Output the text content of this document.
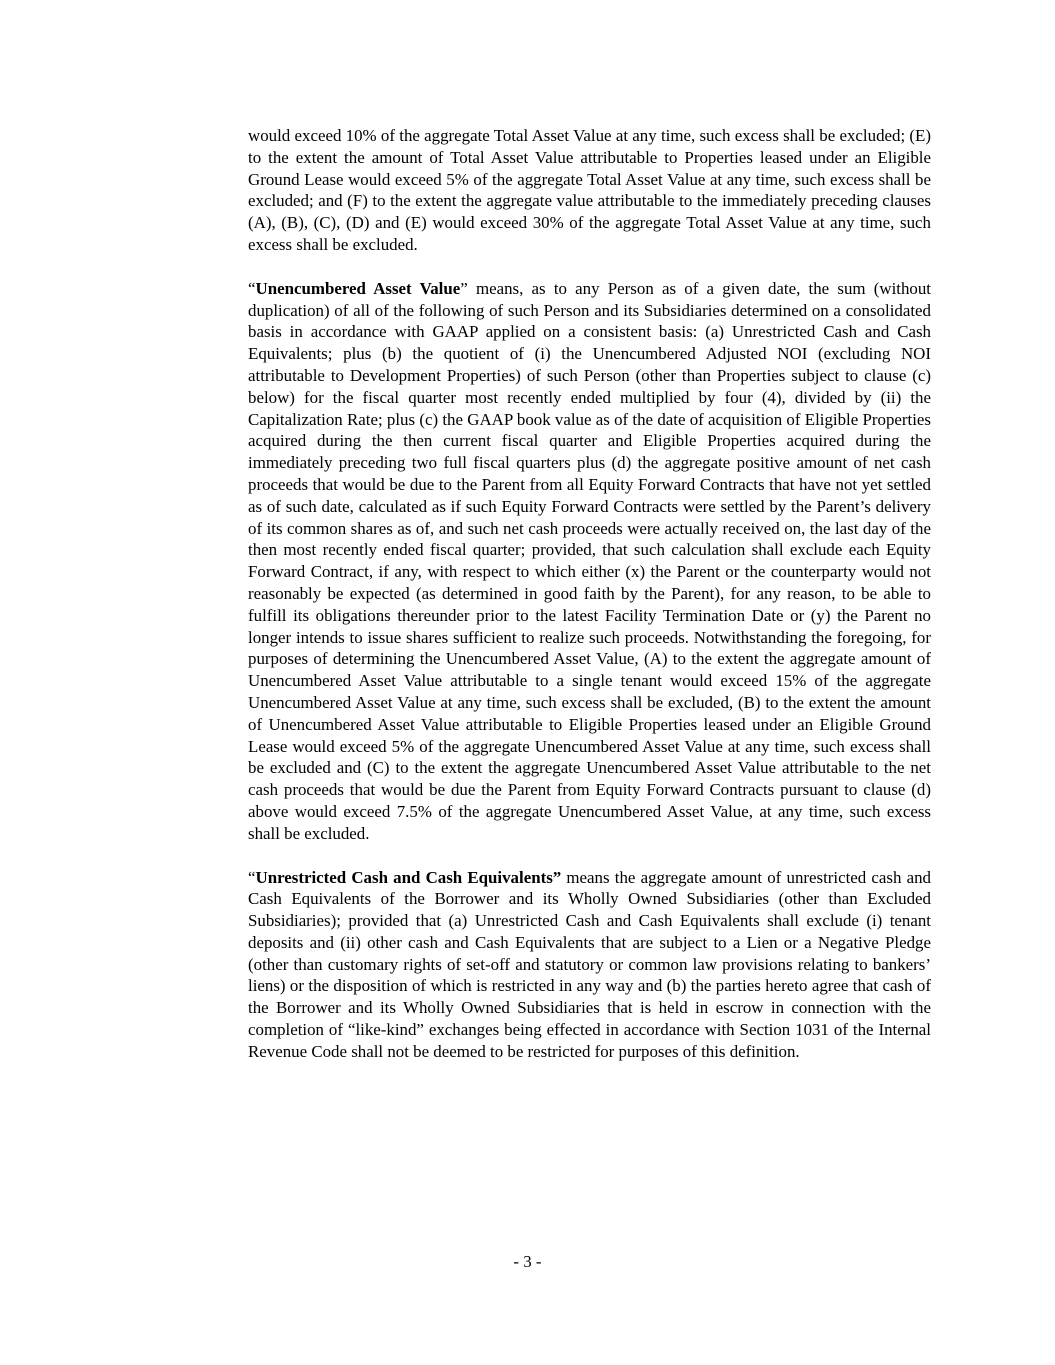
would exceed 10% of the aggregate Total Asset Value at any time, such excess shall be excluded; (E) to the extent the amount of Total Asset Value attributable to Properties leased under an Eligible Ground Lease would exceed 5% of the aggregate Total Asset Value at any time, such excess shall be excluded; and (F) to the extent the aggregate value attributable to the immediately preceding clauses (A), (B), (C), (D) and (E) would exceed 30% of the aggregate Total Asset Value at any time, such excess shall be excluded.

“Unencumbered Asset Value” means, as to any Person as of a given date, the sum (without duplication) of all of the following of such Person and its Subsidiaries determined on a consolidated basis in accordance with GAAP applied on a consistent basis: (a) Unrestricted Cash and Cash Equivalents; plus (b) the quotient of (i) the Unencumbered Adjusted NOI (excluding NOI attributable to Development Properties) of such Person (other than Properties subject to clause (c) below) for the fiscal quarter most recently ended multiplied by four (4), divided by (ii) the Capitalization Rate; plus (c) the GAAP book value as of the date of acquisition of Eligible Properties acquired during the then current fiscal quarter and Eligible Properties acquired during the immediately preceding two full fiscal quarters plus (d) the aggregate positive amount of net cash proceeds that would be due to the Parent from all Equity Forward Contracts that have not yet settled as of such date, calculated as if such Equity Forward Contracts were settled by the Parent’s delivery of its common shares as of, and such net cash proceeds were actually received on, the last day of the then most recently ended fiscal quarter; provided, that such calculation shall exclude each Equity Forward Contract, if any, with respect to which either (x) the Parent or the counterparty would not reasonably be expected (as determined in good faith by the Parent), for any reason, to be able to fulfill its obligations thereunder prior to the latest Facility Termination Date or (y) the Parent no longer intends to issue shares sufficient to realize such proceeds. Notwithstanding the foregoing, for purposes of determining the Unencumbered Asset Value, (A) to the extent the aggregate amount of Unencumbered Asset Value attributable to a single tenant would exceed 15% of the aggregate Unencumbered Asset Value at any time, such excess shall be excluded, (B) to the extent the amount of Unencumbered Asset Value attributable to Eligible Properties leased under an Eligible Ground Lease would exceed 5% of the aggregate Unencumbered Asset Value at any time, such excess shall be excluded and (C) to the extent the aggregate Unencumbered Asset Value attributable to the net cash proceeds that would be due the Parent from Equity Forward Contracts pursuant to clause (d) above would exceed 7.5% of the aggregate Unencumbered Asset Value, at any time, such excess shall be excluded.

“Unrestricted Cash and Cash Equivalents” means the aggregate amount of unrestricted cash and Cash Equivalents of the Borrower and its Wholly Owned Subsidiaries (other than Excluded Subsidiaries); provided that (a) Unrestricted Cash and Cash Equivalents shall exclude (i) tenant deposits and (ii) other cash and Cash Equivalents that are subject to a Lien or a Negative Pledge (other than customary rights of set-off and statutory or common law provisions relating to bankers’ liens) or the disposition of which is restricted in any way and (b) the parties hereto agree that cash of the Borrower and its Wholly Owned Subsidiaries that is held in escrow in connection with the completion of “like-kind” exchanges being effected in accordance with Section 1031 of the Internal Revenue Code shall not be deemed to be restricted for purposes of this definition.

- 3 -
